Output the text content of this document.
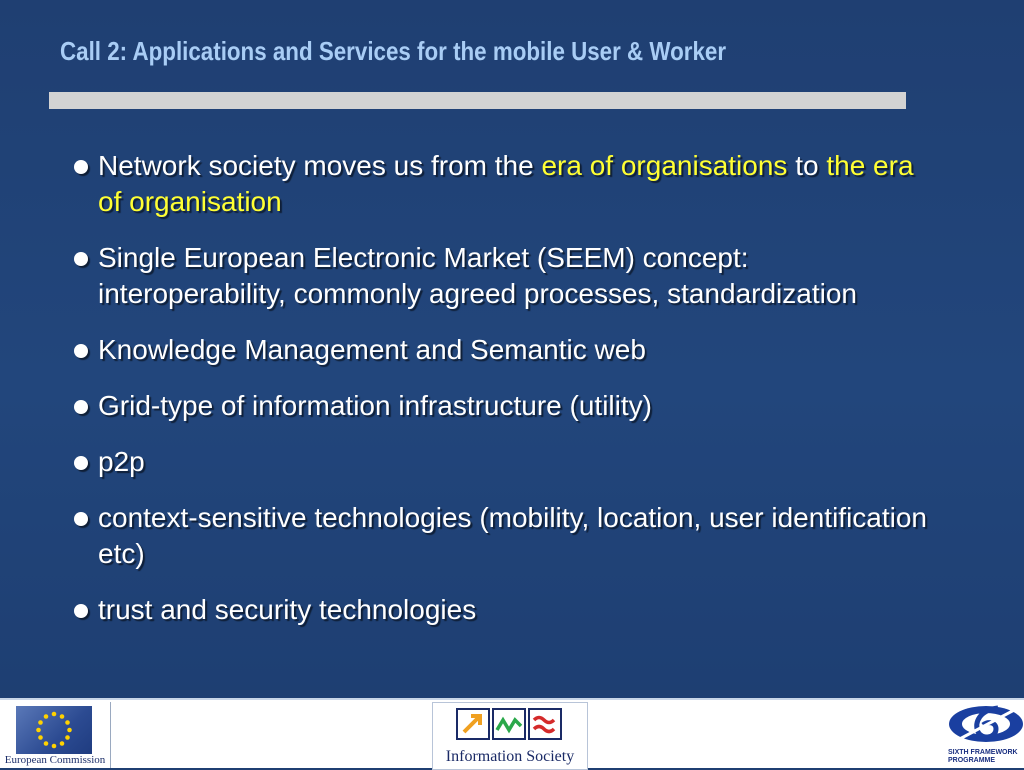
Call 2: Applications and Services for the mobile User & Worker
Network society moves us from the era of organisations to the era of organisation
Single European Electronic Market (SEEM) concept: interoperability, commonly agreed processes, standardization
Knowledge Management and Semantic web
Grid-type of information infrastructure (utility)
p2p
context-sensitive technologies (mobility, location, user identification etc)
trust and security technologies
European Commission	Information Society	SIXTH FRAMEWORK
PROGRAMME
